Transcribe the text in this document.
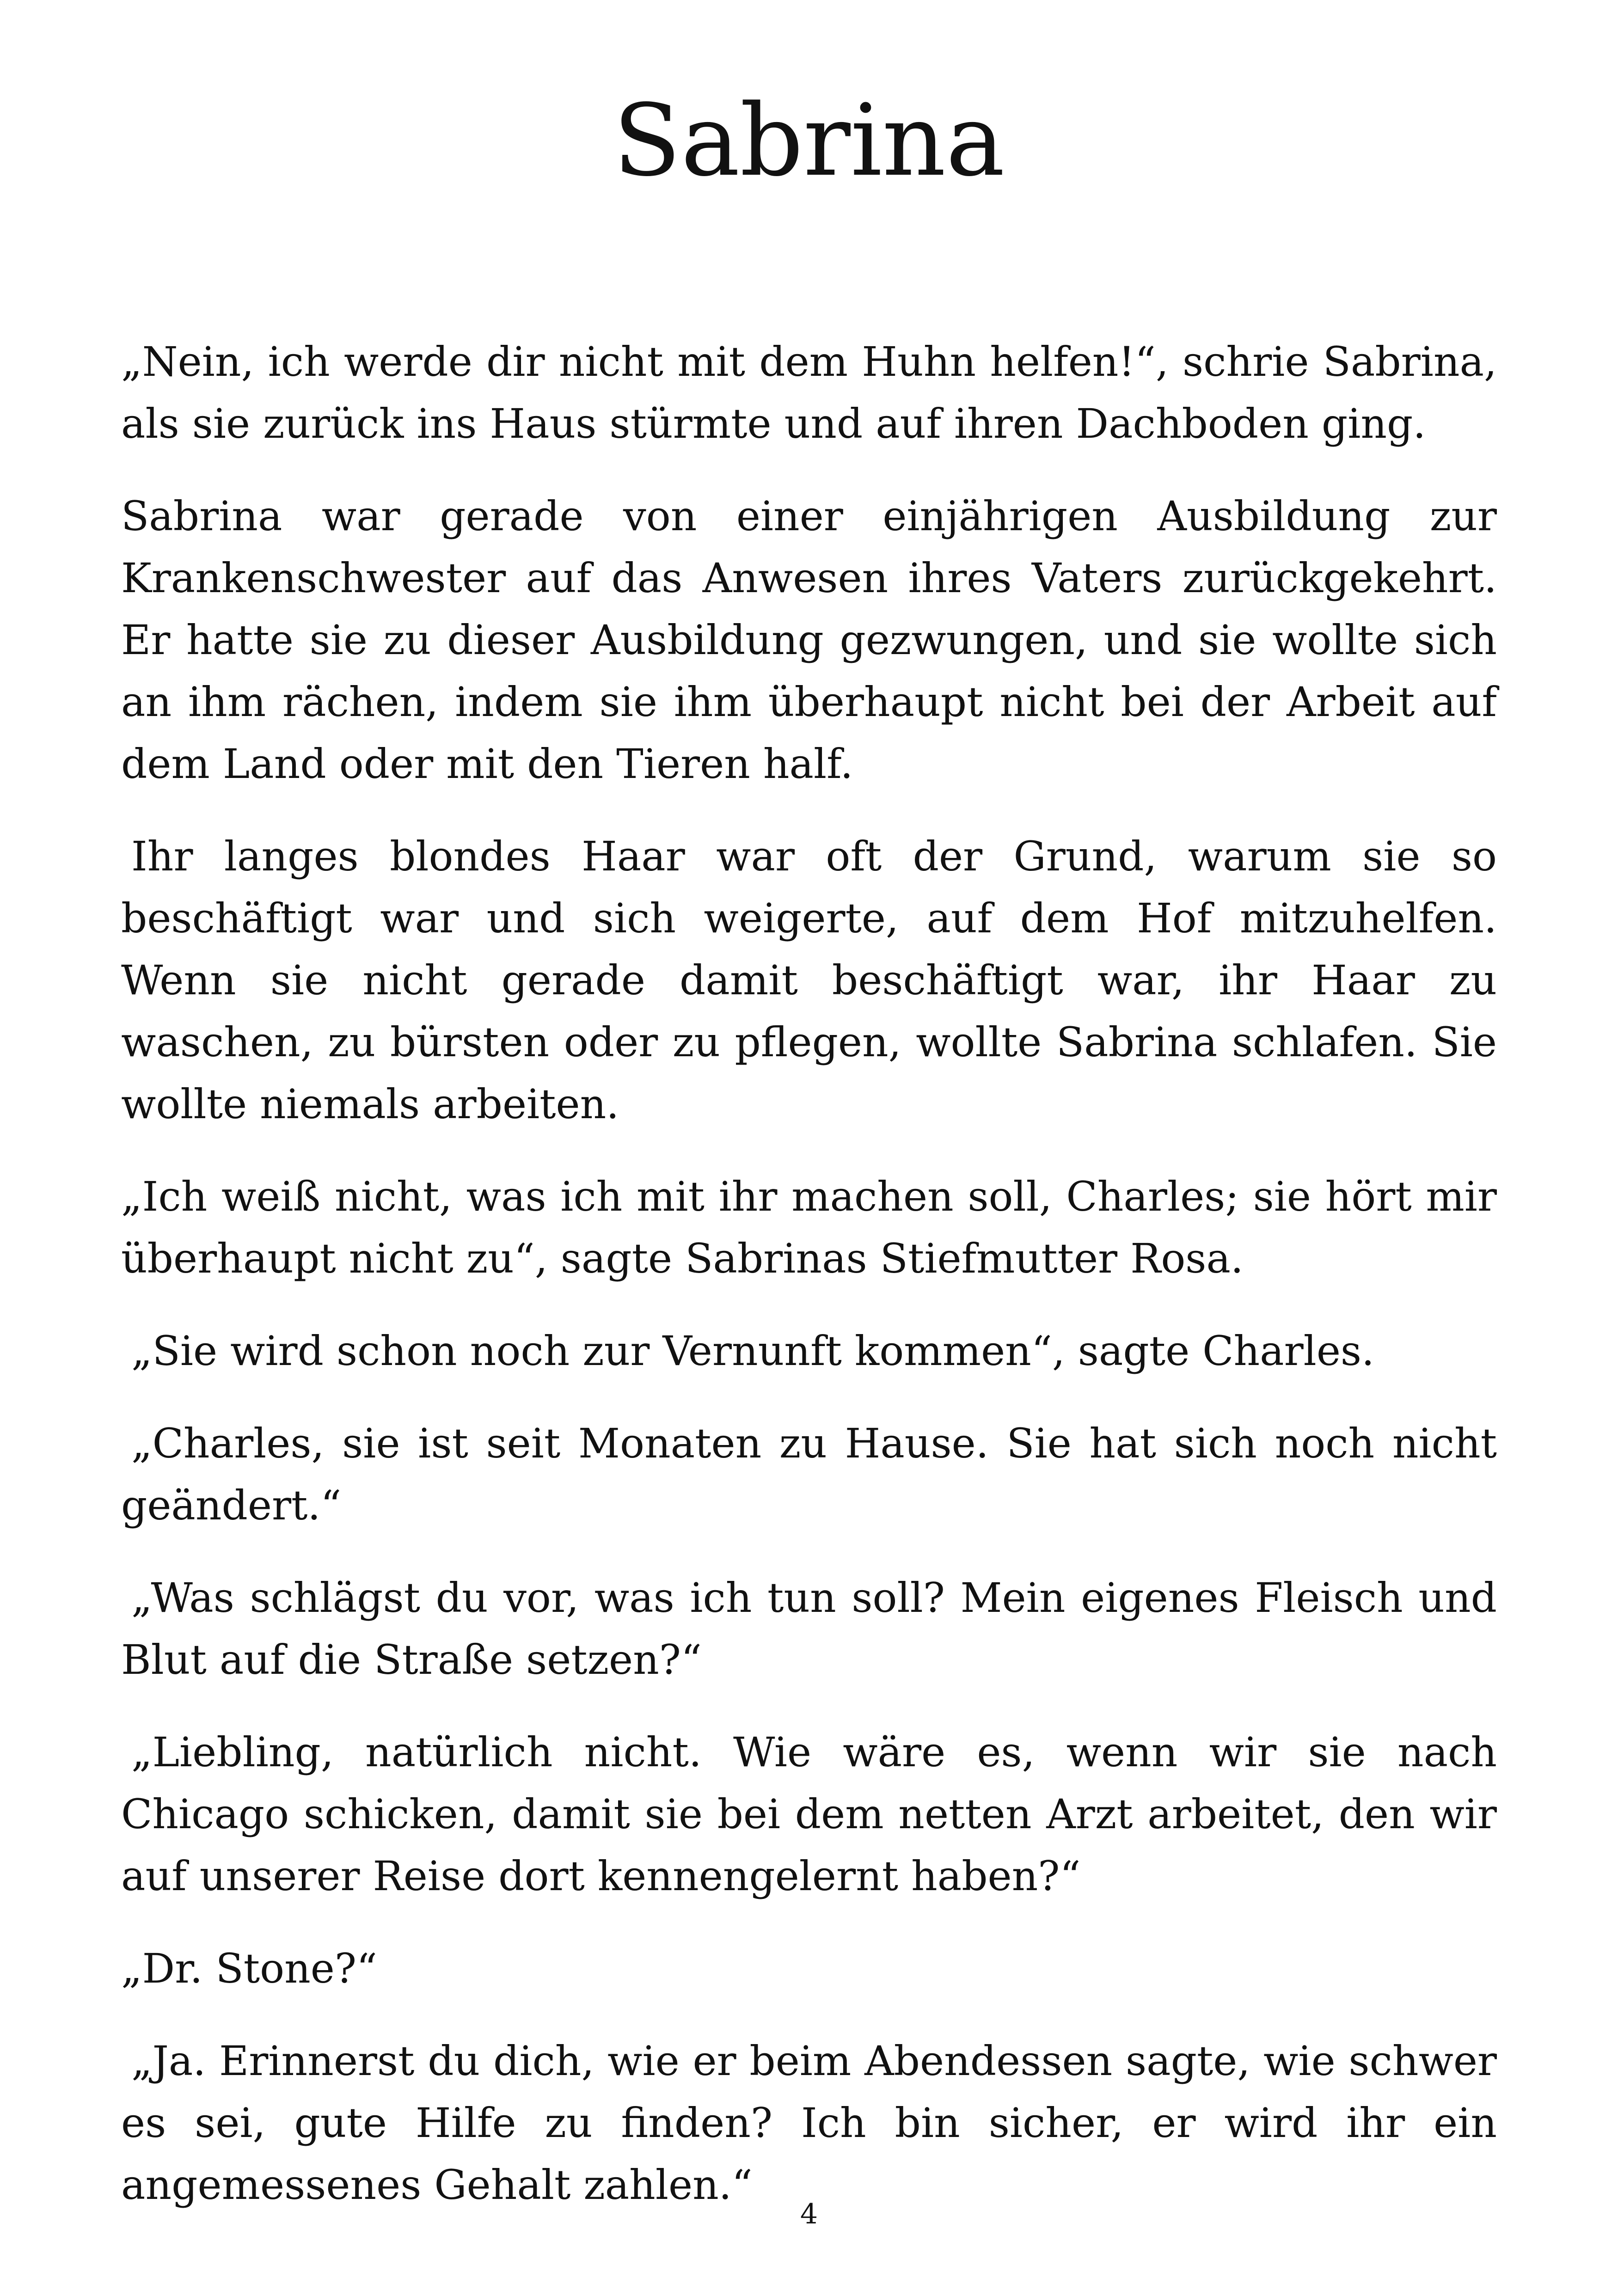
Sabrina

„Nein, ich werde dir nicht mit dem Huhn helfen!“, schrie Sabrina, als sie zurück ins Haus stürmte und auf ihren Dachboden ging.

Sabrina war gerade von einer einjährigen Ausbildung zur Krankenschwester auf das Anwesen ihres Vaters zurückgekehrt. Er hatte sie zu dieser Ausbildung gezwungen, und sie wollte sich an ihm rächen, indem sie ihm überhaupt nicht bei der Arbeit auf dem Land oder mit den Tieren half.

Ihr langes blondes Haar war oft der Grund, warum sie so beschäftigt war und sich weigerte, auf dem Hof mitzuhelfen. Wenn sie nicht gerade damit beschäftigt war, ihr Haar zu waschen, zu bürsten oder zu pflegen, wollte Sabrina schlafen. Sie wollte niemals arbeiten.

„Ich weiß nicht, was ich mit ihr machen soll, Charles; sie hört mir überhaupt nicht zu“, sagte Sabrinas Stiefmutter Rosa.

„Sie wird schon noch zur Vernunft kommen“, sagte Charles.

„Charles, sie ist seit Monaten zu Hause. Sie hat sich noch nicht geändert.“

„Was schlägst du vor, was ich tun soll? Mein eigenes Fleisch und Blut auf die Straße setzen?“

„Liebling, natürlich nicht. Wie wäre es, wenn wir sie nach Chicago schicken, damit sie bei dem netten Arzt arbeitet, den wir auf unserer Reise dort kennengelernt haben?“

„Dr. Stone?“

„Ja. Erinnerst du dich, wie er beim Abendessen sagte, wie schwer es sei, gute Hilfe zu finden? Ich bin sicher, er wird ihr ein angemessenes Gehalt zahlen.“

4
